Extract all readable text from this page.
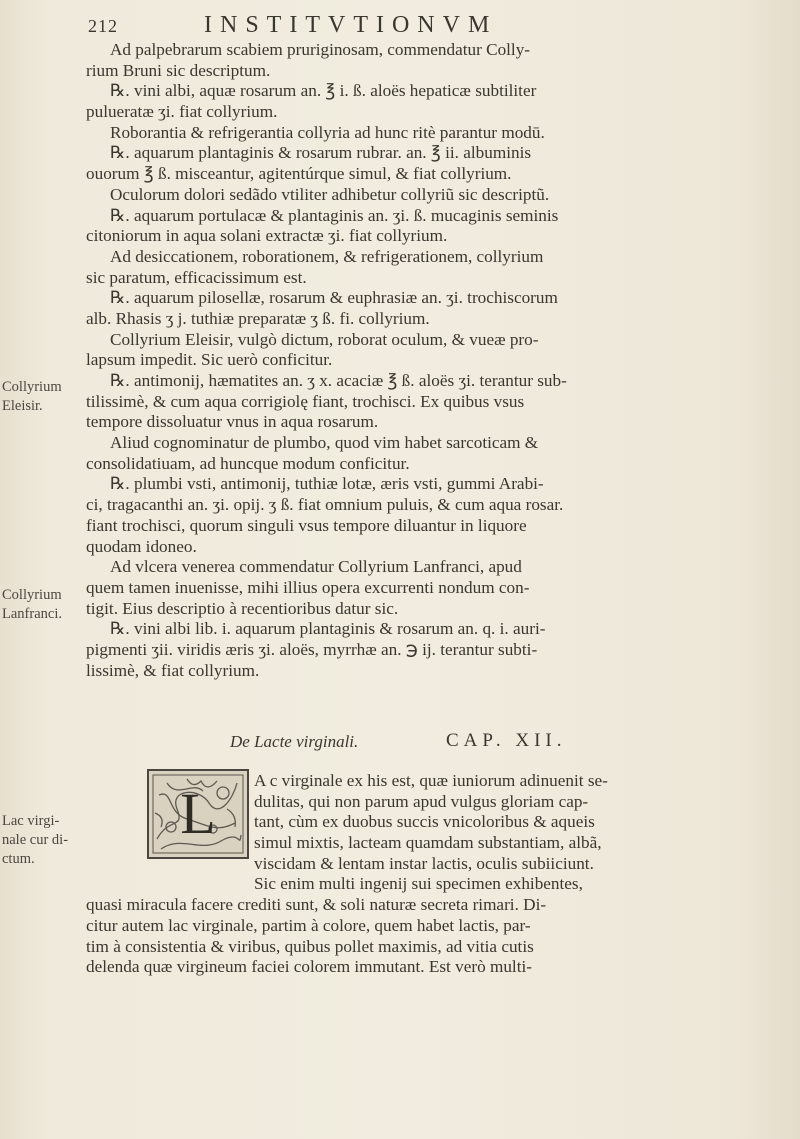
212	INSTITVTIONVM
Ad palpebrarum scabiem pruriginosam, commendatur Colly-
rium Bruni sic descriptum.
℞. vini albi, aquæ rosarum an. ℥ i. ß. aloës hepaticæ subtiliter
pulueratæ ʒi. fiat collyrium.
Roborantia & refrigerantia collyria ad hunc ritè parantur modū.
℞. aquarum plantaginis & rosarum rubrar. an. ℥ ii. albuminis
ouorum ℥ ß. misceantur, agitentúrque simul, & fiat collyrium.
Oculorum dolori sedãdo vtiliter adhibetur collyriũ sic descriptũ.
℞. aquarum portulacæ & plantaginis an. ʒi. ß. mucaginis seminis
citoniorum in aqua solani extractæ ʒi. fiat collyrium.
Ad desiccationem, roborationem, & refrigerationem, collyrium
sic paratum, efficacissimum est.
℞. aquarum pilosellæ, rosarum & euphrasiæ an. ʒi. trochiscorum
alb. Rhasis ʒ j. tuthiæ preparatæ ʒ ß. fi. collyrium.
Collyrium Eleisir, vulgò dictum, roborat oculum, & vueæ pro-
lapsum impedit. Sic uerò conficitur.
℞. antimonij, hæmatites an. ʒ x. acaciæ ℥ ß. aloës ʒi. terantur sub-
tilissimè, & cum aqua corrigiolę fiant, trochisci. Ex quibus vsus
tempore dissoluatur vnus in aqua rosarum.
Aliud cognominatur de plumbo, quod vim habet sarcoticam &
consolidatiuam, ad huncque modum conficitur.
℞. plumbi vsti, antimonij, tuthiæ lotæ, æris vsti, gummi Arabi-
ci, tragacanthi an. ʒi. opij. ʒ ß. fiat omnium puluis, & cum aqua rosar.
fiant trochisci, quorum singuli vsus tempore diluantur in liquore
quodam idoneo.
Ad vlcera venerea commendatur Collyrium Lanfranci, apud
quem tamen inuenisse, mihi illius opera excurrenti nondum con-
tigit. Eius descriptio à recentioribus datur sic.
℞. vini albi lib. i. aquarum plantaginis & rosarum an. q. i. auri-
pigmenti ʒii. viridis æris ʒi. aloës, myrrhæ an. ℈ ij. terantur subti-
lissimè, & fiat collyrium.
Collyrium
Eleisir.
Collyrium
Lanfranci.
Lac virgi-
nale cur di-
ctum.
De Lacte virginali.	CAP. XII.
L
A c virginale ex his est, quæ iuniorum adinuenit se-
dulitas, qui non parum apud vulgus gloriam cap-
tant, cùm ex duobus succis vnicoloribus & aqueis
simul mixtis, lacteam quamdam substantiam, albã,
viscidam & lentam instar lactis, oculis subiiciunt.
Sic enim multi ingenij sui specimen exhibentes,
quasi miracula facere crediti sunt, & soli naturæ secreta rimari. Di-
citur autem lac virginale, partim à colore, quem habet lactis, par-
tim à consistentia & viribus, quibus pollet maximis, ad vitia cutis
delenda quæ virgineum faciei colorem immutant. Est verò multi-
